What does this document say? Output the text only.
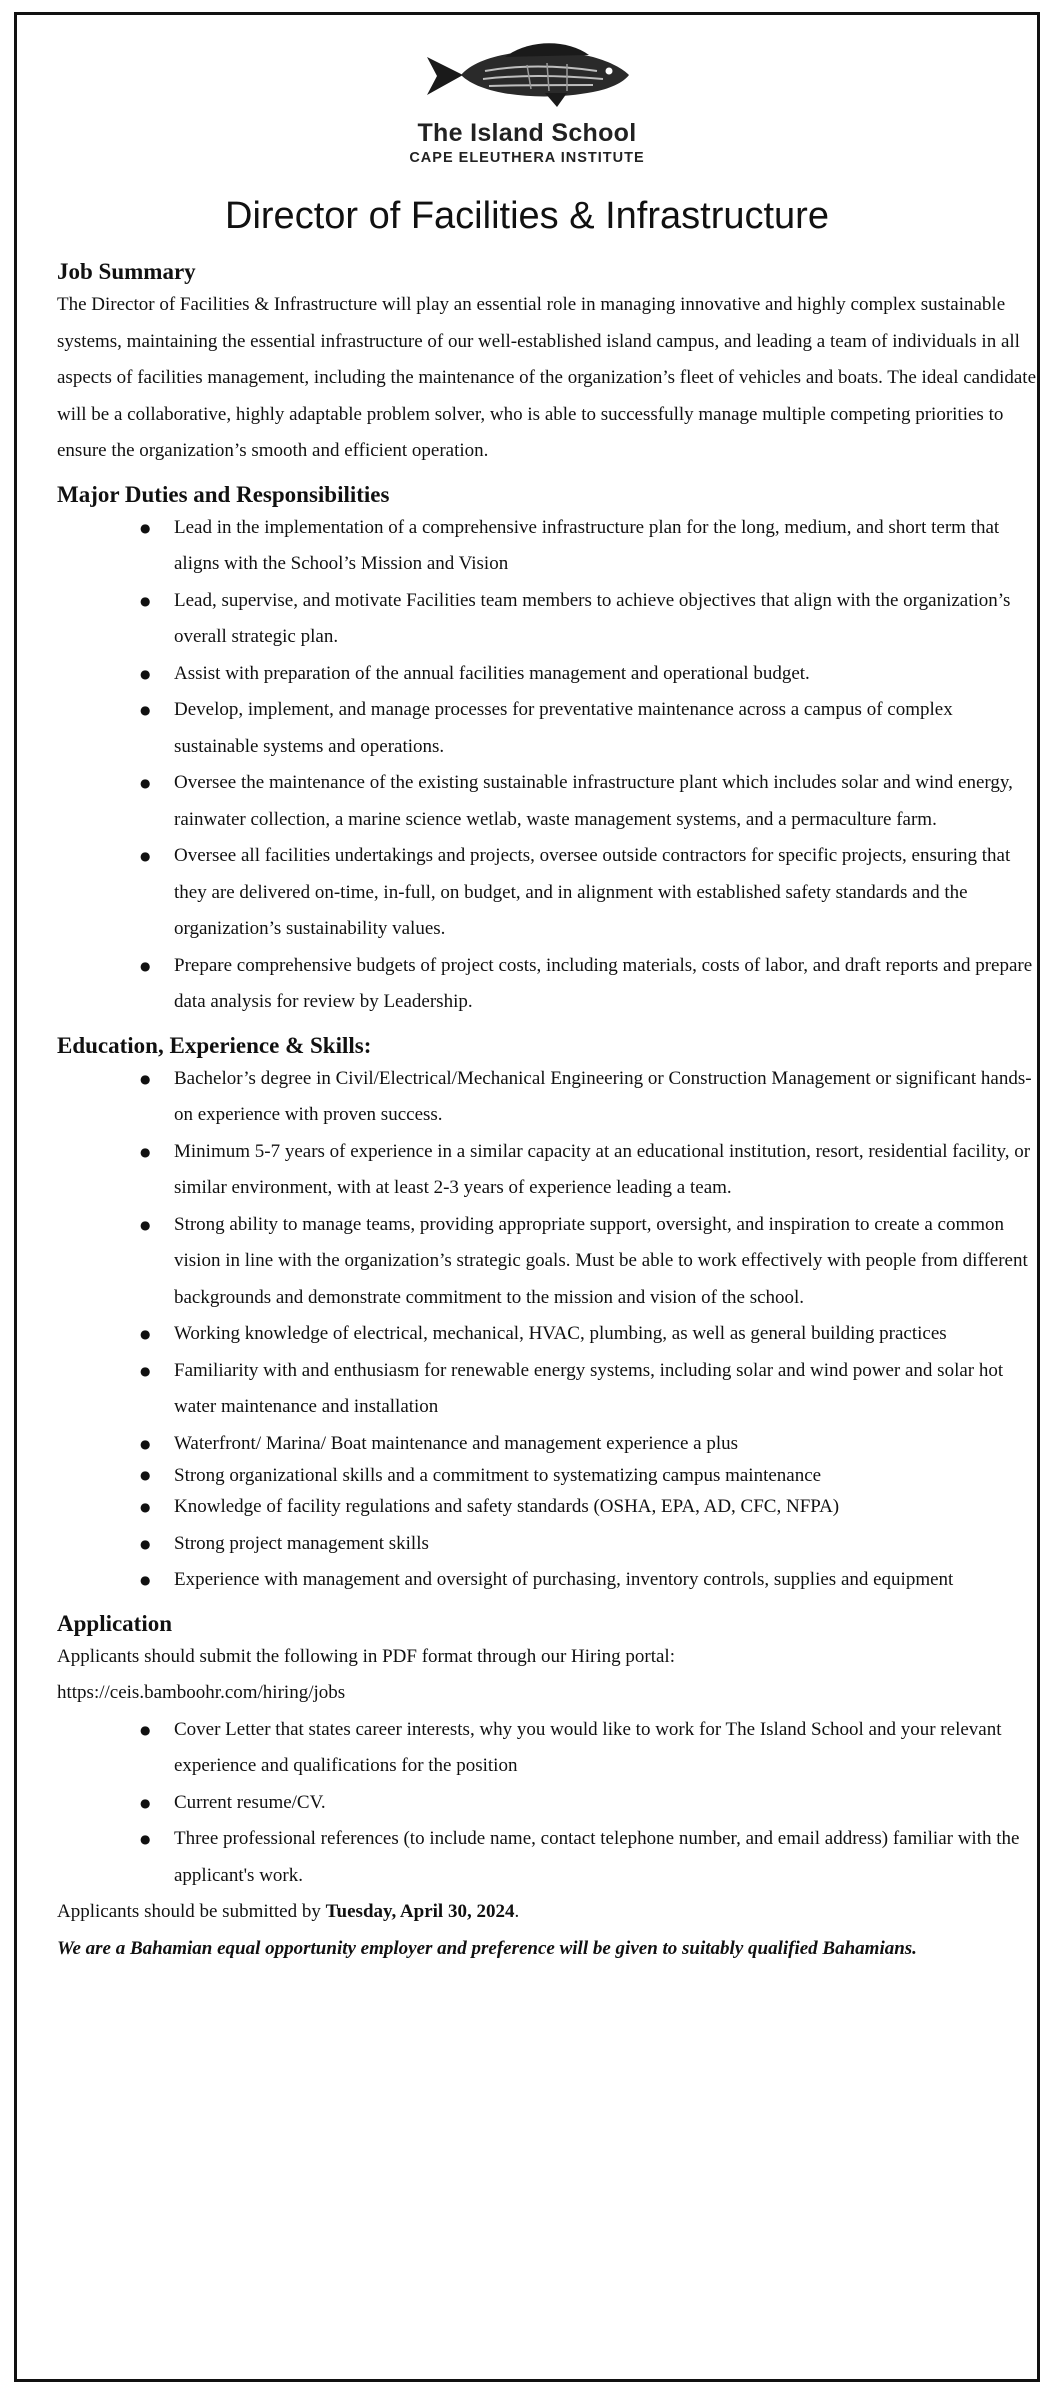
The Island School
CAPE ELEUTHERA INSTITUTE
Director of Facilities & Infrastructure
Job Summary

The Director of Facilities & Infrastructure will play an essential role in managing innovative and highly complex sustainable systems, maintaining the essential infrastructure of our well-established island campus, and leading a team of individuals in all aspects of facilities management, including the maintenance of the organization’s fleet of vehicles and boats. The ideal candidate will be a collaborative, highly adaptable problem solver, who is able to successfully manage multiple competing priorities to ensure the organization’s smooth and efficient operation.

Major Duties and Responsibilities
● Lead in the implementation of a comprehensive infrastructure plan for the long, medium, and short term that aligns with the School’s Mission and Vision
● Lead, supervise, and motivate Facilities team members to achieve objectives that align with the organization’s overall strategic plan.
● Assist with preparation of the annual facilities management and operational budget.
● Develop, implement, and manage processes for preventative maintenance across a campus of complex sustainable systems and operations.
● Oversee the maintenance of the existing sustainable infrastructure plant which includes solar and wind energy, rainwater collection, a marine science wetlab, waste management systems, and a permaculture farm.
● Oversee all facilities undertakings and projects, oversee outside contractors for specific projects, ensuring that they are delivered on-time, in-full, on budget, and in alignment with established safety standards and the organization’s sustainability values.
● Prepare comprehensive budgets of project costs, including materials, costs of labor, and draft reports and prepare data analysis for review by Leadership.
Education, Experience & Skills:
● Bachelor’s degree in Civil/Electrical/Mechanical Engineering or Construction Management or significant hands-on experience with proven success.
● Minimum 5-7 years of experience in a similar capacity at an educational institution, resort, residential facility, or similar environment, with at least 2-3 years of experience leading a team.
● Strong ability to manage teams, providing appropriate support, oversight, and inspiration to create a common vision in line with the organization’s strategic goals. Must be able to work effectively with people from different backgrounds and demonstrate commitment to the mission and vision of the school.
● Working knowledge of electrical, mechanical, HVAC, plumbing, as well as general building practices
● Familiarity with and enthusiasm for renewable energy systems, including solar and wind power and solar hot water maintenance and installation
● Waterfront/ Marina/ Boat maintenance and management experience a plus
● Strong organizational skills and a commitment to systematizing campus maintenance
● Knowledge of facility regulations and safety standards (OSHA, EPA, AD, CFC, NFPA)
● Strong project management skills
● Experience with management and oversight of purchasing, inventory controls, supplies and equipment
Application

Applicants should submit the following in PDF format through our Hiring portal:

https://ceis.bamboohr.com/hiring/jobs

● Cover Letter that states career interests, why you would like to work for The Island School and your relevant experience and qualifications for the position
● Current resume/CV.
● Three professional references (to include name, contact telephone number, and email address) familiar with the applicant's work.

Applicants should be submitted by Tuesday, April 30, 2024.

We are a Bahamian equal opportunity employer and preference will be given to suitably qualified Bahamians.
